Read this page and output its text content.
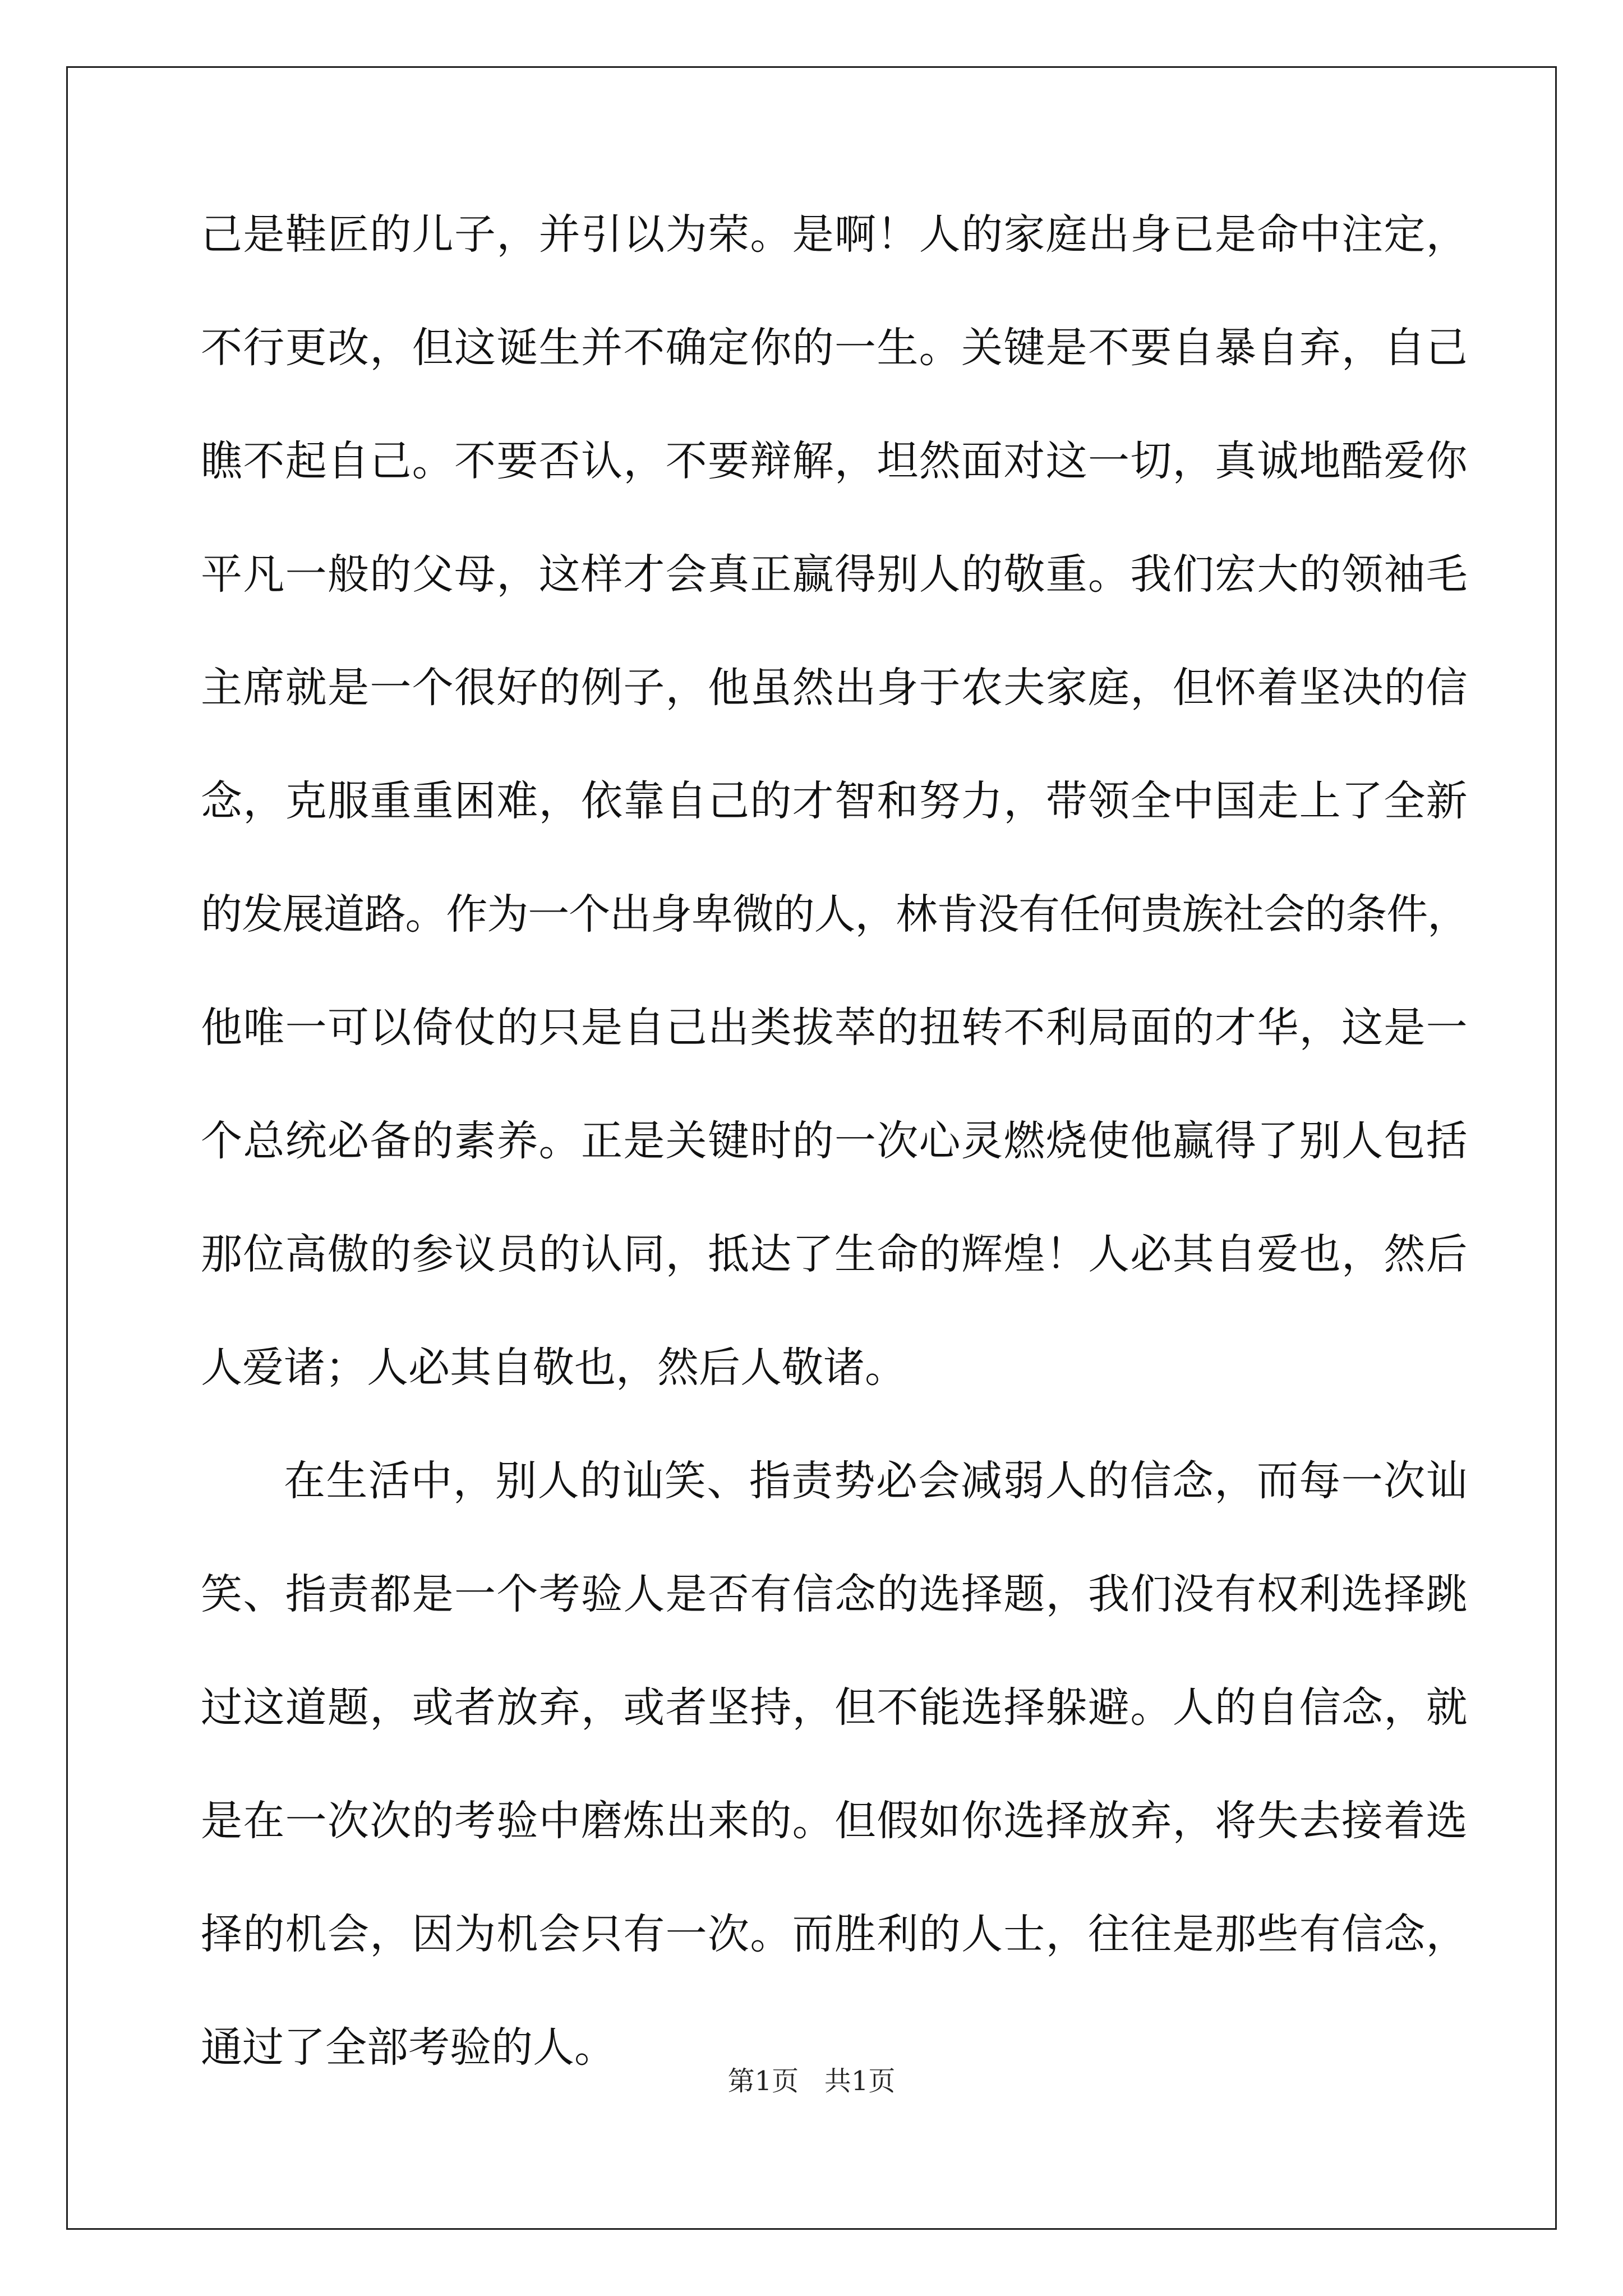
己是鞋匠的儿子，并引以为荣。是啊！人的家庭出身已是命中注定，
不行更改，但这诞生并不确定你的一生。关键是不要自暴自弃，自己
瞧不起自己。不要否认，不要辩解，坦然面对这一切，真诚地酷爱你
平凡一般的父母，这样才会真正赢得别人的敬重。我们宏大的领袖毛
主席就是一个很好的例子，他虽然出身于农夫家庭，但怀着坚决的信
念，克服重重困难，依靠自己的才智和努力，带领全中国走上了全新
的发展道路。作为一个出身卑微的人，林肯没有任何贵族社会的条件，
他唯一可以倚仗的只是自己出类拔萃的扭转不利局面的才华，这是一
个总统必备的素养。正是关键时的一次心灵燃烧使他赢得了别人包括
那位高傲的参议员的认同，抵达了生命的辉煌！人必其自爱也，然后
人爱诸；人必其自敬也，然后人敬诸。
在生活中，别人的讪笑、指责势必会减弱人的信念，而每一次讪
笑、指责都是一个考验人是否有信念的选择题，我们没有权利选择跳
过这道题，或者放弃，或者坚持，但不能选择躲避。人的自信念，就
是在一次次的考验中磨炼出来的。但假如你选择放弃，将失去接着选
择的机会，因为机会只有一次。而胜利的人士，往往是那些有信念，
通过了全部考验的人。
第1页 共1页
